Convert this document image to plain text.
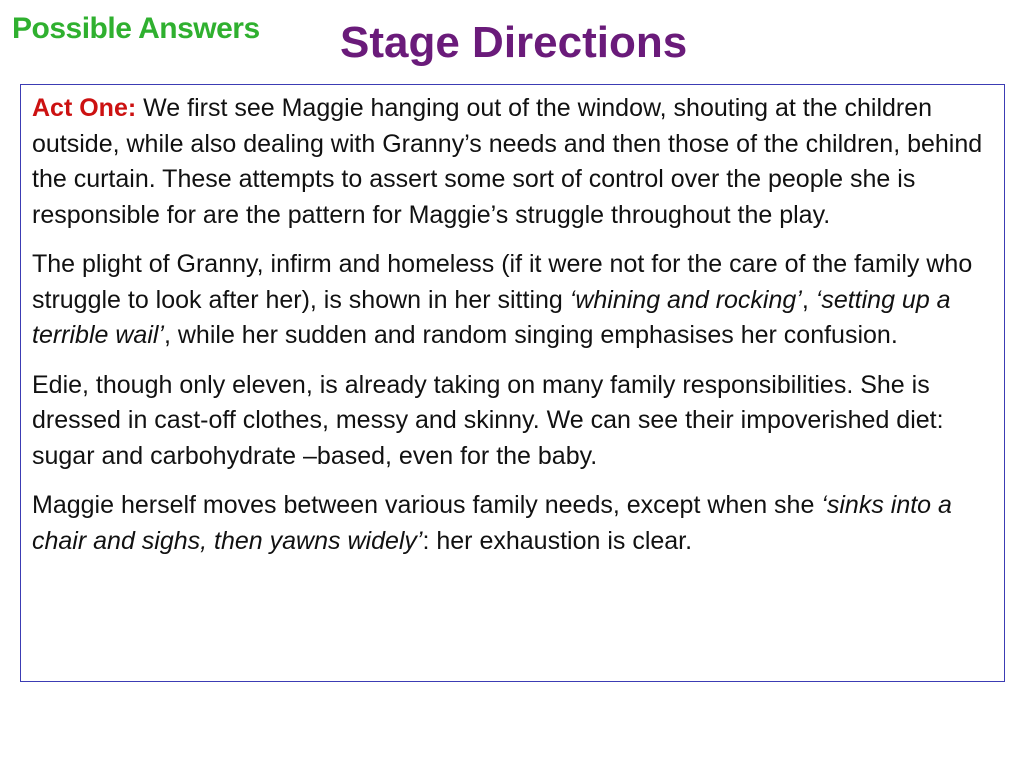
Possible Answers Stage Directions

Act One: We first see Maggie hanging out of the window, shouting at the children outside, while also dealing with Granny’s needs and then those of the children, behind the curtain. These attempts to assert some sort of control over the people she is responsible for are the pattern for Maggie’s struggle throughout the play.

The plight of Granny, infirm and homeless (if it were not for the care of the family who struggle to look after her), is shown in her sitting ‘whining and rocking’, ‘setting up a terrible wail’, while her sudden and random singing emphasises her confusion.

Edie, though only eleven, is already taking on many family responsibilities. She is dressed in cast-off clothes, messy and skinny. We can see their impoverished diet: sugar and carbohydrate –based, even for the baby.

Maggie herself moves between various family needs, except when she ‘sinks into a chair and sighs, then yawns widely’: her exhaustion is clear.
